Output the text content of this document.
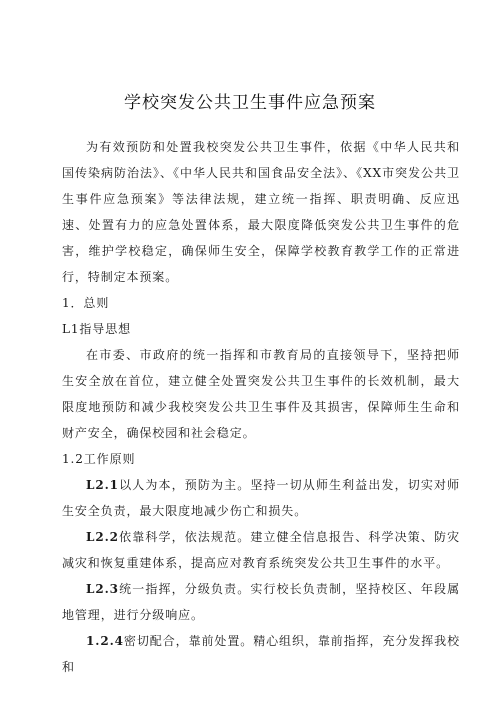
学校突发公共卫生事件应急预案

为有效预防和处置我校突发公共卫生事件，依据《中华人民共和国传染病防治法》、《中华人民共和国食品安全法》、《XX市突发公共卫生事件应急预案》等法律法规，建立统一指挥、职责明确、反应迅速、处置有力的应急处置体系，最大限度降低突发公共卫生事件的危害，维护学校稳定，确保师生安全，保障学校教育教学工作的正常进行，特制定本预案。

1．总则

L1指导思想

在市委、市政府的统一指挥和市教育局的直接领导下，坚持把师生安全放在首位，建立健全处置突发公共卫生事件的长效机制，最大限度地预防和减少我校突发公共卫生事件及其损害，保障师生生命和财产安全，确保校园和社会稳定。

1.2工作原则

L2.1以人为本，预防为主。坚持一切从师生利益出发，切实对师生安全负责，最大限度地减少伤亡和损失。

L2.2依靠科学，依法规范。建立健全信息报告、科学决策、防灾减灾和恢复重建体系，提高应对教育系统突发公共卫生事件的水平。

L2.3统一指挥，分级负责。实行校长负责制，坚持校区、年段属地管理，进行分级响应。

1.2.4密切配合，靠前处置。精心组织，靠前指挥，充分发挥我校和
